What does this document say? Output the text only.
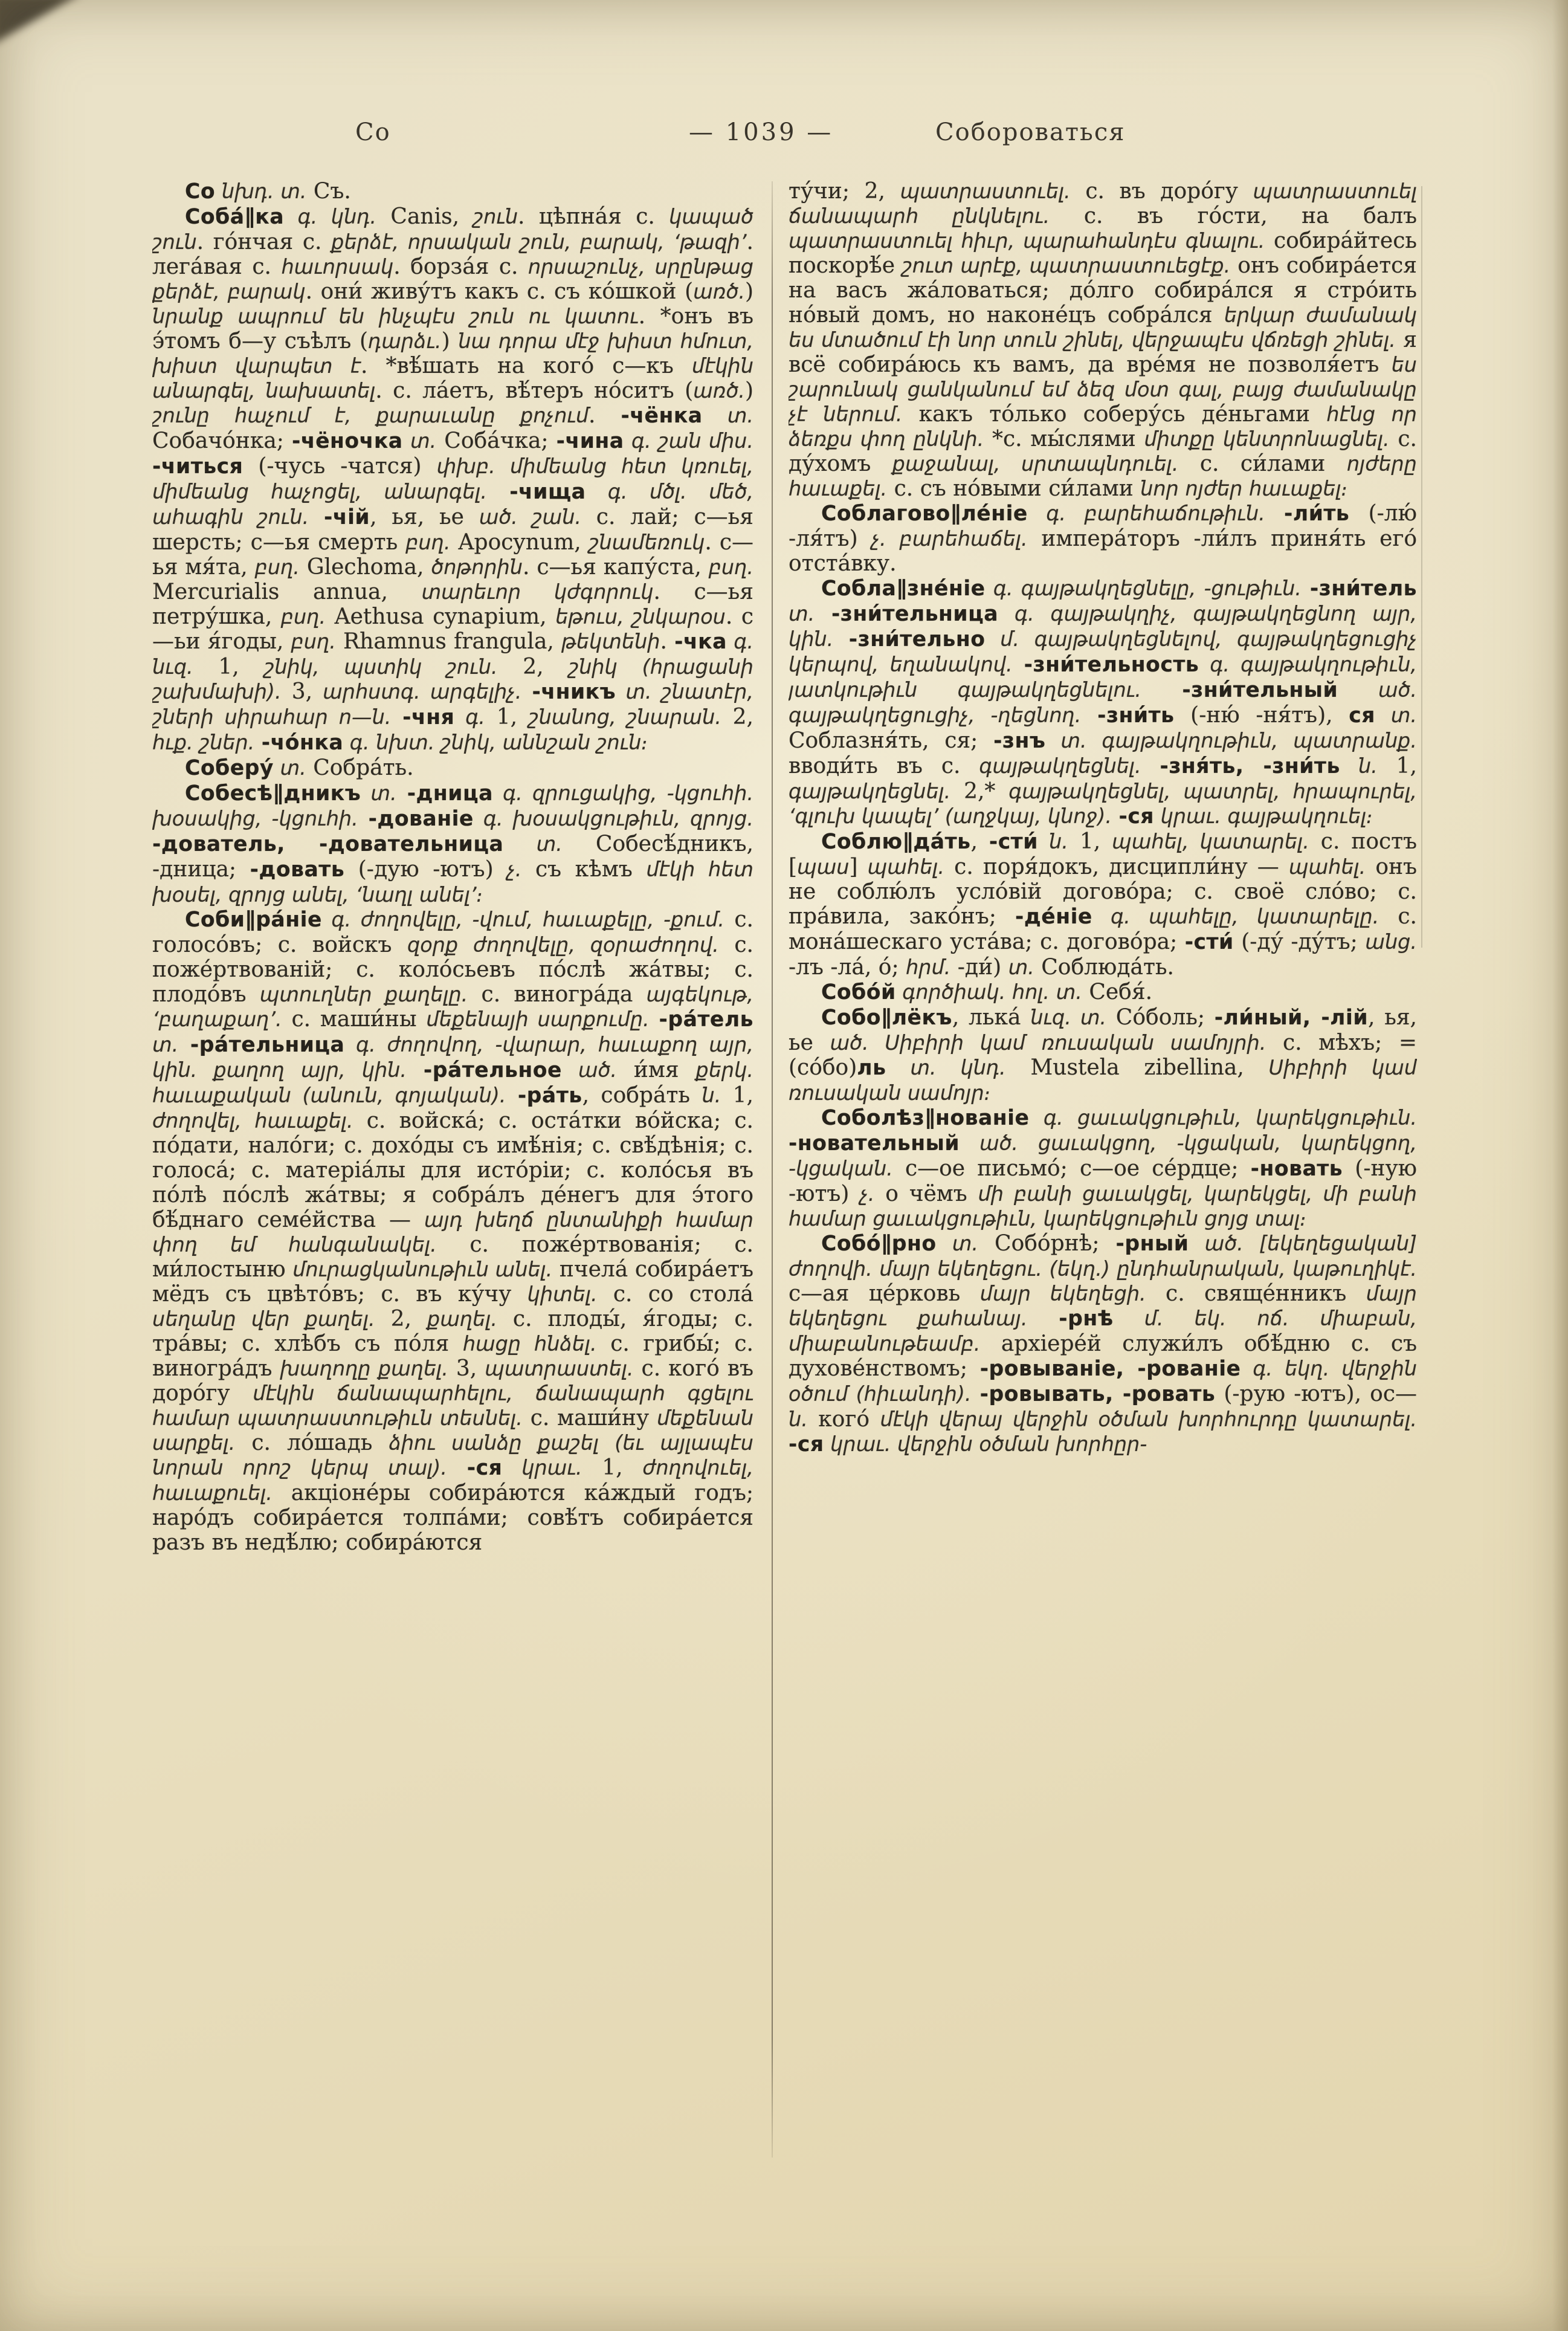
Со	— 1039 —	Собороваться

Со նխդ. տ. Съ.

Соба́∥ка գ. կնդ. Canis, շուն. цѣпна́я с. կապած շուն. го́нчая с. քերձէ, որսական շուն, բարակ, ‘թազի’. лега́вая с. հաւորսակ. борза́я с. որսաշունչ, սրընթաց քերձէ, բարակ. они́ живу́тъ какъ с. съ ко́шкой (առծ.) նրանք ապրում են ինչպէս շուն ու կատու. *онъ въ э́томъ б—у съѣлъ (դարձւ.) նա դորա մէջ խիստ հմուտ, խիստ վարպետ է. *вѣ́шать на кого́ с—къ մէկին անարգել, նախատել. с. ла́етъ, вѣ́теръ но́ситъ (առծ.) շունը հաչում է, քարաւանը քոչում. -чёнка տ. Собачо́нка; -чёночка տ. Соба́чка; -чина գ. շան միս. -читься (-чусь -чатся) փխբ. միմեանց հետ կռուել, միմեանց հաչոցել, անարգել. -чища գ. մծլ. մեծ, ահագին շուն. -чій, ья, ье ած. շան. с. лай; с—ья шерсть; с—ья смерть բսղ. Apocynum, շնամեռուկ. с—ья мя́та, բսղ. Glechoma, ծոթորին. с—ья капу́ста, բսղ. Mercurialis annua, տարեւոր կժգորուկ. с—ья петру́шка, բսղ. Aethusa cynapium, եթուս, շնկարօս. с—ьи я́годы, բսղ. Rhamnus frangula, թեկտենի. -чка գ. նւզ. 1, շնիկ, պստիկ շուն. 2, շնիկ (հրացանի շախմախի). 3, արհստգ. արգելիչ. -чникъ տ. շնատէր, շների սիրահար ո—ն. -чня գ. 1, շնանոց, շնարան. 2, հւք. շներ. -чо́нка գ. նխտ. շնիկ, աննշան շուն։

Соберу́ տ. Собра́ть.

Собесѣ∥дникъ տ. -дница գ. զրուցակից, -կցուհի. խօսակից, -կցուհի. -дованіе գ. խօսակցութիւն, զրոյց. -дователь, -довательница տ. Собесѣ́дникъ, -дница; -довать (-дую -ютъ) չ. съ кѣмъ մէկի հետ խօսել, զրոյց անել, ‘նաղլ անել’։

Соби∥ра́ніе գ. ժողովելը, -վում, հաւաքելը, -քում. с. голосо́въ; с. войскъ զօրք ժողովելը, զօրաժողով. с. поже́ртвованій; с. коло́сьевъ по́слѣ жа́твы; с. плодо́въ պտուղներ քաղելը. с. виногра́да այգեկութ, ‘բաղաքաղ’. с. маши́ны մեքենայի սարքումը. -ра́тель տ. -ра́тельница գ. ժողովող, -վարար, հաւաքող այր, կին. քաղող այր, կին. -ра́тельное ած. и́мя քերկ. հաւաքական (անուն, գոյական). -ра́ть, собра́ть ն. 1, ժողովել, հաւաքել. с. войска́; с. оста́тки во́йска; с. по́дати, нало́ги; с. дохо́ды съ имѣ́нія; с. свѣ́дѣнія; с. голоса́; с. матеріа́лы для исто́ріи; с. коло́сья въ по́лѣ по́слѣ жа́твы; я собра́лъ де́негъ для э́того бѣ́днаго семе́йства — այդ խեղճ ընտանիքի համար փող եմ հանգանակել. с. поже́ртвованія; с. ми́лостыню մուրացկանութիւն անել. пчела́ собира́етъ мёдъ съ цвѣто́въ; с. въ ку́чу կիտել. с. со стола́ սեղանը վեր քաղել. 2, քաղել. с. плоды́, я́годы; с. тра́вы; с. хлѣбъ съ по́ля հացը հնձել. с. грибы́; с. виногра́дъ խաղողը քաղել. 3, պատրաստել. с. кого́ въ доро́гу մէկին ճանապարհելու, ճանապարհ գցելու համար պատրաստութիւն տեսնել. с. маши́ну մեքենան սարքել. с. ло́шадь ձիու սանձը քաշել (եւ այլապէս նորան որոշ կերպ տալ). -ся կրաւ. 1, ժողովուել, հաւաքուել. акціоне́ры собира́ются ка́ждый годъ; наро́дъ собира́ется толпа́ми; совѣ́тъ собира́ется разъ въ недѣ́лю; собира́ются

ту́чи; 2, պատրաստուել. с. въ доро́гу պատրաստուել ճանապարհ ընկնելու. с. въ го́сти, на балъ պատրաստուել հիւր, պարահանդէս գնալու. собира́йтесь поскорѣ́е շուտ արէք, պատրաստուեցէք. онъ собира́ется на васъ жа́ловаться; до́лго собира́лся я стро́ить но́вый домъ, но наконе́цъ собра́лся երկար ժամանակ ես մտածում էի նոր տուն շինել, վերջապէս վճռեցի շինել. я всё собира́юсь къ вамъ, да вре́мя не позволя́етъ ես շարունակ ցանկանում եմ ձեզ մօտ գալ, բայց ժամանակը չէ ներում. какъ то́лько соберу́сь де́ньгами հէնց որ ձեռքս փող ընկնի. *с. мы́слями միտքը կենտրոնացնել. с. ду́хомъ քաջանալ, սրտապնդուել. с. си́лами ոյժերը հաւաքել. с. съ но́выми си́лами նոր ոյժեր հաւաքել։

Соблагово∥ле́ніе գ. բարեհաճութիւն. -ли́ть (-лю́ -ля́тъ) չ. բարեհաճել. импера́торъ -ли́лъ приня́ть его́ отста́вку.

Собла∥зне́ніе գ. գայթակղեցնելը, -ցութիւն. -зни́тель տ. -зни́тельница գ. գայթակղիչ, գայթակղեցնող այր, կին. -зни́тельно մ. գայթակղեցնելով, գայթակղեցուցիչ կերպով, եղանակով. -зни́тельность գ. գայթակղութիւն, յատկութիւն գայթակղեցնելու. -зни́тельный ած. գայթակղեցուցիչ, -ղեցնող. -зни́ть (-ню́ -ня́тъ), ся տ. Соблазня́ть, ся; -знъ տ. գայթակղութիւն, պատրանք. вводи́ть въ с. գայթակղեցնել. -зня́ть, -зни́ть ն. 1, գայթակղեցնել. 2,* գայթակղեցնել, պատրել, հրապուրել, ‘գլուխ կապել’ (աղջկայ, կնոջ). -ся կրաւ. գայթակղուել։

Соблю∥да́ть, -сти́ ն. 1, պահել, կատարել. с. постъ [պաս] պահել. с. поря́докъ, дисципли́ну — պահել. онъ не соблю́лъ усло́вій догово́ра; с. своё сло́во; с. пра́вила, зако́нъ; -де́ніе գ. պահելը, կատարելը. с. мона́шескаго уста́ва; с. догово́ра; -сти́ (-ду́ -ду́тъ; անց. -лъ -ла́, о́; հրմ. -ди́) տ. Соблюда́ть.

Собо́й գործիակ. հոլ. տ. Себя́.

Собо∥лёкъ, лька́ նւզ. տ. Со́боль; -ли́ный, -лій, ья, ье ած. Սիբիրի կամ ռուսական սամոյրի. с. мѣхъ; =(со́бо)ль տ. կնդ. Mustela zibellina, Սիբիրի կամ ռուսական սամոյր։

Соболѣз∥нованіе գ. ցաւակցութիւն, կարեկցութիւն. -новательный ած. ցաւակցող, -կցական, կարեկցող, -կցական. с—ое письмо́; с—ое се́рдце; -новать (-ную -ютъ) չ. о чёмъ մի բանի ցաւակցել, կարեկցել, մի բանի համար ցաւակցութիւն, կարեկցութիւն ցոյց տալ։

Собо́∥рно տ. Собо́рнѣ; -рный ած. [եկեղեցական] ժողովի. մայր եկեղեցու. (եկղ.) ընդհանրական, կաթուղիկէ. с—ая це́рковь մայր եկեղեցի. с. свяще́нникъ մայր եկեղեցու քահանայ. -рнѣ մ. եկ. ոճ. միաբան, միաբանութեամբ. архіере́й служи́лъ обѣ́дню с. съ духове́нствомъ; -ровываніе, -рованіе գ. եկղ. վերջին օծում (հիւանդի). -ровывать, -ровать (-рую -ютъ), ос— ն. кого́ մէկի վերայ վերջին օծման խորհուրդը կատարել. -ся կրաւ. վերջին օծման խորհըր-
